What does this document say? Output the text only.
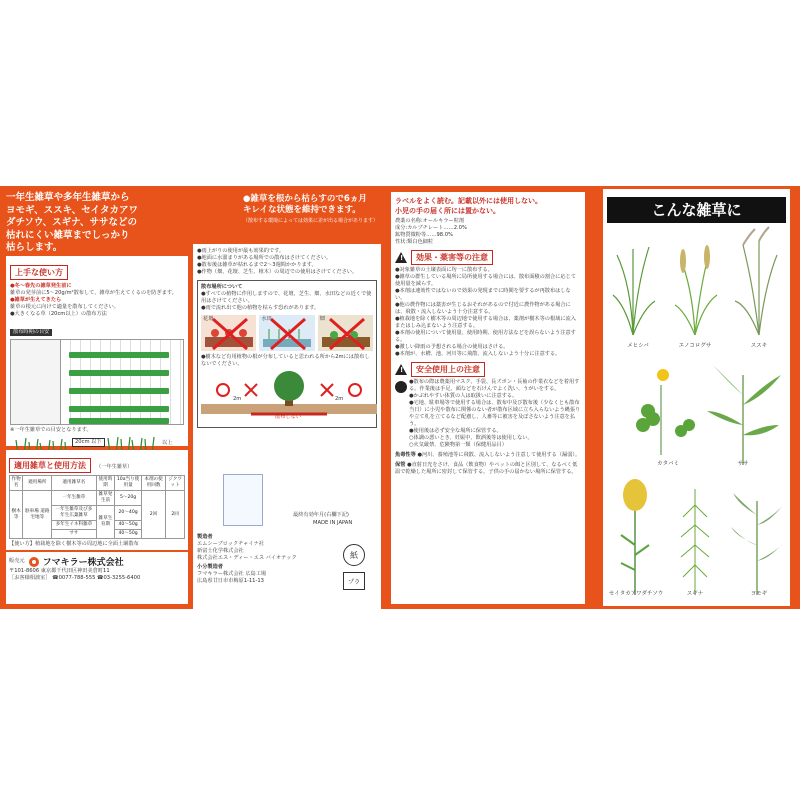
一年生雑草や多年生雑草から
ヨモギ、ススキ、セイタカアワ
ダチソウ、スギナ、ササなどの
枯れにくい雑草までしっかり
枯らします。
上手な使い方
●冬〜春先の雑草発生前に
雑草の発芽前に5〜20g/m²散布して、雑草が生えてくるのを防ぎます。
●雑草が生えてきたら
雑草の根元に向けて適量を散布してください。
●大きくなる草（20cm以上）の散布方法
散布時期の目安
※一年生雑草での目安となります。
20cm 以下	以上
適用雑草と使用方法 （一年生雑草）
作物名	適用場所	適用雑草名	使用時期	10a当り使用量	本剤の使用回数	ジクワット
樹木等	駐車場 道路 宅地等	一年生雑草	雑草発生前	5〜20g	2回	2回
		一年生雑草及び多年生広葉雑草	雑草生育期	20〜40g		
		多年生イネ科雑草		40〜50g		
		ササ		40〜50g		
【使い方】植栽地を除く樹木等の周辺地に全面土壌散布
販売元 フマキラー株式会社
〒101-8606 東京都千代田区神田美倉町11
［お客様相談室］ ☎0077-788-555 ☎03-3255-6400
●雑草を根から枯らすので6ヵ月
キレイな状態を維持できます。
（散布する環境によっては効果に差が出る場合があります）
●雨上がりの使用が最も効果的です。
●地面に水溜まりがある場所での散布はさけてください。
●散布後は雑草が枯れるまで2〜3週間かかります。
●作物（畑、花壇、芝生、植木）の周辺での使用はさけてください。
散布場所について
●すべての植物に作用しますので、花壇、芝生、畑、水田などの近くで使用はさけてください。
●雨で流れ出て他の植物を枯らす恐れがあります。
花壇	水田	畑
●樹木など有用植物の根が分布していると思われる所から2mには散布しないでください。
2m	2m
散布しない
最終有効年月(右欄下記)
MADE IN JAPAN
製造者
エムシーブロックチャイナ社
新富士化学株式会社
株式会社エス・ディー・エス バイオテック
小分製造者
フマキラー株式会社 広島工場
広島県廿日市市梅原1-11-13
紙
プラ
ラベルをよく読む。記載以外には使用しない。
小児の手の届く所には置かない。
農薬の名称:オールキラー粒剤
成分:カルブチレート……2.0%
鉱物質微粉等……98.0%
性状:類白色細粒
!	効果・薬害等の注意
●対象雑草の土壌表面に均一に散布する。
●雑草の群生している場所に局所使用する場合には、散布面積の割合に応じて使用量を減らす。
●本剤は速効性ではないので効果の発現までに時間を要するが再散布はしない。
●他の農作物には薬害が生じるおそれがあるので付近に農作物がある場合には、飛散・流入しないよう十分注意する。
●植栽地を除く樹木等の周辺地で使用する場合は、薬剤が樹木等の根域に流入またはしみ込まないよう注意する。
●本剤の使用について使用量、使用時期、使用方法などを誤らないよう注意する。
●激しい降雨の予想される場合の使用はさける。
●本剤が、水槽、池、河川等に飛散、流入しないよう十分に注意する。
!	安全使用上の注意
●散布の際は農薬用マスク、手袋、長ズボン・長袖の作業衣などを着用する。作業後は手足、顔などを石けんでよく洗い、うがいをする。
●かぶれやすい体質の人は取扱いに注意する。
●宅地、駐車場等で使用する場合は、散布中及び散布後（少なくとも散布当日）に小児や散布に関係のない者が散布区域に立ち入らないよう縄張りや立て札を立てるなど配慮し、人畜等に被害を及ぼさないよう注意を払う。
●使用後は必ず安全な場所に保管する。
○体調の悪いとき、妊娠中、飲酒後等は使用しない。
○火気厳禁、危険物第一類（保健用品目）
魚毒性等 ●河川、養殖池等に飛散、流入しないよう注意して使用する（漏弱）。
保管 ●直射日光をさけ、食品（飲食物）やペットの餌と区別して、なるべく低温で乾燥した場所に密封して保管する。子供の手の届かない場所に保管する。
こんな雑草に
メヒシバ	エノコログサ	ススキ
カタバミ	ササ
セイタカアワダチソウ	スギナ	ヨモギ
